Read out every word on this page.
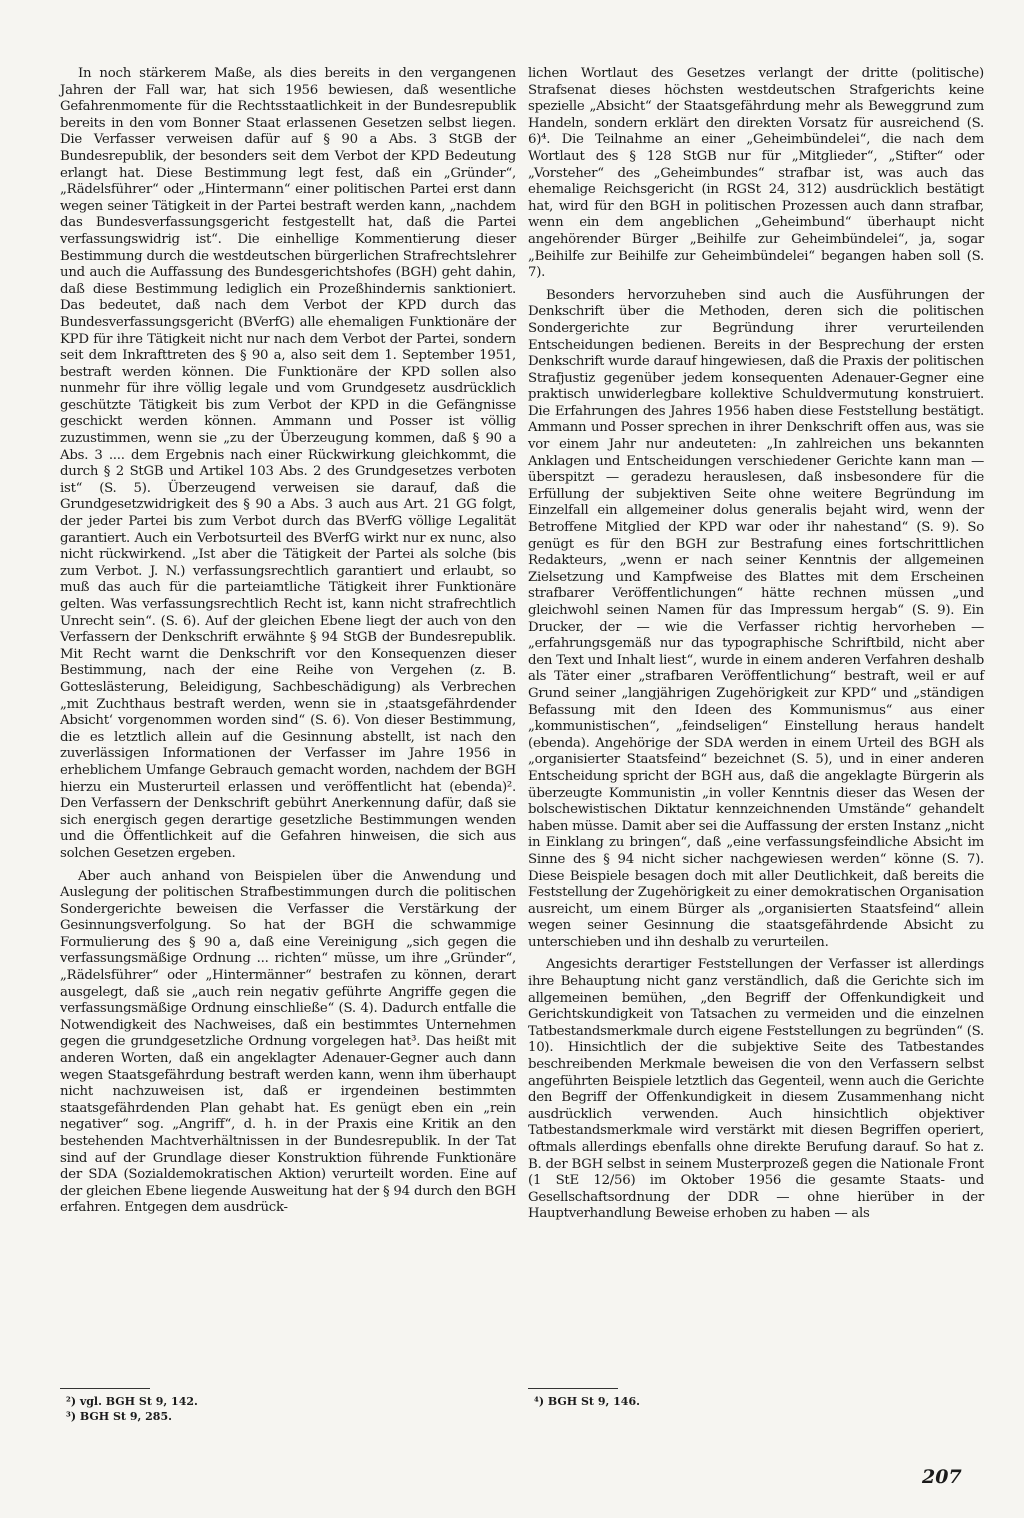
In noch stärkerem Maße, als dies bereits in den vergangenen Jahren der Fall war, hat sich 1956 bewiesen, daß wesentliche Gefahrenmomente für die Rechtsstaatlichkeit in der Bundesrepublik bereits in den vom Bonner Staat erlassenen Gesetzen selbst liegen. Die Verfasser verweisen dafür auf § 90 a Abs. 3 StGB der Bundesrepublik, der besonders seit dem Verbot der KPD Bedeutung erlangt hat. Diese Bestimmung legt fest, daß ein „Gründer“, „Rädelsführer“ oder „Hintermann“ einer politischen Partei erst dann wegen seiner Tätigkeit in der Partei bestraft werden kann, „nachdem das Bundesverfassungsgericht festgestellt hat, daß die Partei verfassungswidrig ist“. Die einhellige Kommentierung dieser Bestimmung durch die westdeutschen bürgerlichen Strafrechtslehrer und auch die Auffassung des Bundesgerichtshofes (BGH) geht dahin, daß diese Bestimmung lediglich ein Prozeßhindernis sanktioniert. Das bedeutet, daß nach dem Verbot der KPD durch das Bundesverfassungsgericht (BVerfG) alle ehemaligen Funktionäre der KPD für ihre Tätigkeit nicht nur nach dem Verbot der Partei, sondern seit dem Inkrafttreten des § 90 a, also seit dem 1. September 1951, bestraft werden können. Die Funktionäre der KPD sollen also nunmehr für ihre völlig legale und vom Grundgesetz ausdrücklich geschützte Tätigkeit bis zum Verbot der KPD in die Gefängnisse geschickt werden können. Ammann und Posser ist völlig zuzustimmen, wenn sie „zu der Überzeugung kommen, daß § 90 a Abs. 3 .... dem Ergebnis nach einer Rückwirkung gleichkommt, die durch § 2 StGB und Artikel 103 Abs. 2 des Grundgesetzes verboten ist“ (S. 5). Überzeugend verweisen sie darauf, daß die Grundgesetzwidrigkeit des § 90 a Abs. 3 auch aus Art. 21 GG folgt, der jeder Partei bis zum Verbot durch das BVerfG völlige Legalität garantiert. Auch ein Verbotsurteil des BVerfG wirkt nur ex nunc, also nicht rückwirkend. „Ist aber die Tätigkeit der Partei als solche (bis zum Verbot. J. N.) verfassungsrechtlich garantiert und erlaubt, so muß das auch für die parteiamtliche Tätigkeit ihrer Funktionäre gelten. Was verfassungsrechtlich Recht ist, kann nicht strafrechtlich Unrecht sein“. (S. 6). Auf der gleichen Ebene liegt der auch von den Verfassern der Denkschrift erwähnte § 94 StGB der Bundesrepublik. Mit Recht warnt die Denkschrift vor den Konsequenzen dieser Bestimmung, nach der eine Reihe von Vergehen (z. B. Gotteslästerung, Beleidigung, Sachbeschädigung) als Verbrechen „mit Zuchthaus bestraft werden, wenn sie in ‚staatsgefährdender Absicht‘ vorgenommen worden sind“ (S. 6). Von dieser Bestimmung, die es letztlich allein auf die Gesinnung abstellt, ist nach den zuverlässigen Informationen der Verfasser im Jahre 1956 in erheblichem Umfange Gebrauch gemacht worden, nachdem der BGH hierzu ein Musterurteil erlassen und veröffentlicht hat (ebenda)². Den Verfassern der Denkschrift gebührt Anerkennung dafür, daß sie sich energisch gegen derartige gesetzliche Bestimmungen wenden und die Öffentlichkeit auf die Gefahren hinweisen, die sich aus solchen Gesetzen ergeben.

Aber auch anhand von Beispielen über die Anwendung und Auslegung der politischen Strafbestimmungen durch die politischen Sondergerichte beweisen die Verfasser die Verstärkung der Gesinnungsverfolgung. So hat der BGH die schwammige Formulierung des § 90 a, daß eine Vereinigung „sich gegen die verfassungsmäßige Ordnung ... richten“ müsse, um ihre „Gründer“, „Rädelsführer“ oder „Hintermänner“ bestrafen zu können, derart ausgelegt, daß sie „auch rein negativ geführte Angriffe gegen die verfassungsmäßige Ordnung einschließe“ (S. 4). Dadurch entfalle die Notwendigkeit des Nachweises, daß ein bestimmtes Unternehmen gegen die grundgesetzliche Ordnung vorgelegen hat³. Das heißt mit anderen Worten, daß ein angeklagter Adenauer-Gegner auch dann wegen Staatsgefährdung bestraft werden kann, wenn ihm überhaupt nicht nachzuweisen ist, daß er irgendeinen bestimmten staatsgefährdenden Plan gehabt hat. Es genügt eben ein „rein negativer“ sog. „Angriff“, d. h. in der Praxis eine Kritik an den bestehenden Machtverhältnissen in der Bundesrepublik. In der Tat sind auf der Grundlage dieser Konstruktion führende Funktionäre der SDA (Sozialdemokratischen Aktion) verurteilt worden. Eine auf der gleichen Ebene liegende Ausweitung hat der § 94 durch den BGH erfahren. Entgegen dem ausdrück-

lichen Wortlaut des Gesetzes verlangt der dritte (politische) Strafsenat dieses höchsten westdeutschen Strafgerichts keine spezielle „Absicht“ der Staatsgefährdung mehr als Beweggrund zum Handeln, sondern erklärt den direkten Vorsatz für ausreichend (S. 6)⁴. Die Teilnahme an einer „Geheimbündelei“, die nach dem Wortlaut des § 128 StGB nur für „Mitglieder“, „Stifter“ oder „Vorsteher“ des „Geheimbundes“ strafbar ist, was auch das ehemalige Reichsgericht (in RGSt 24, 312) ausdrücklich bestätigt hat, wird für den BGH in politischen Prozessen auch dann strafbar, wenn ein dem angeblichen „Geheimbund“ überhaupt nicht angehörender Bürger „Beihilfe zur Geheimbündelei“, ja, sogar „Beihilfe zur Beihilfe zur Geheimbündelei“ begangen haben soll (S. 7).

Besonders hervorzuheben sind auch die Ausführungen der Denkschrift über die Methoden, deren sich die politischen Sondergerichte zur Begründung ihrer verurteilenden Entscheidungen bedienen. Bereits in der Besprechung der ersten Denkschrift wurde darauf hingewiesen, daß die Praxis der politischen Strafjustiz gegenüber jedem konsequenten Adenauer-Gegner eine praktisch unwiderlegbare kollektive Schuldvermutung konstruiert. Die Erfahrungen des Jahres 1956 haben diese Feststellung bestätigt. Ammann und Posser sprechen in ihrer Denkschrift offen aus, was sie vor einem Jahr nur andeuteten: „In zahlreichen uns bekannten Anklagen und Entscheidungen verschiedener Gerichte kann man — überspitzt — geradezu herauslesen, daß insbesondere für die Erfüllung der subjektiven Seite ohne weitere Begründung im Einzelfall ein allgemeiner dolus generalis bejaht wird, wenn der Betroffene Mitglied der KPD war oder ihr nahestand“ (S. 9). So genügt es für den BGH zur Bestrafung eines fortschrittlichen Redakteurs, „wenn er nach seiner Kenntnis der allgemeinen Zielsetzung und Kampfweise des Blattes mit dem Erscheinen strafbarer Veröffentlichungen“ hätte rechnen müssen „und gleichwohl seinen Namen für das Impressum hergab“ (S. 9). Ein Drucker, der — wie die Verfasser richtig hervorheben — „erfahrungsgemäß nur das typographische Schriftbild, nicht aber den Text und Inhalt liest“, wurde in einem anderen Verfahren deshalb als Täter einer „strafbaren Veröffentlichung“ bestraft, weil er auf Grund seiner „langjährigen Zugehörigkeit zur KPD“ und „ständigen Befassung mit den Ideen des Kommunismus“ aus einer „kommunistischen“, „feindseligen“ Einstellung heraus handelt (ebenda). Angehörige der SDA werden in einem Urteil des BGH als „organisierter Staatsfeind“ bezeichnet (S. 5), und in einer anderen Entscheidung spricht der BGH aus, daß die angeklagte Bürgerin als überzeugte Kommunistin „in voller Kenntnis dieser das Wesen der bolschewistischen Diktatur kennzeichnenden Umstände“ gehandelt haben müsse. Damit aber sei die Auffassung der ersten Instanz „nicht in Einklang zu bringen“, daß „eine verfassungsfeindliche Absicht im Sinne des § 94 nicht sicher nachgewiesen werden“ könne (S. 7). Diese Beispiele besagen doch mit aller Deutlichkeit, daß bereits die Feststellung der Zugehörigkeit zu einer demokratischen Organisation ausreicht, um einem Bürger als „organisierten Staatsfeind“ allein wegen seiner Gesinnung die staatsgefährdende Absicht zu unterschieben und ihn deshalb zu verurteilen.

Angesichts derartiger Feststellungen der Verfasser ist allerdings ihre Behauptung nicht ganz verständlich, daß die Gerichte sich im allgemeinen bemühen, „den Begriff der Offenkundigkeit und Gerichtskundigkeit von Tatsachen zu vermeiden und die einzelnen Tatbestandsmerkmale durch eigene Feststellungen zu begründen“ (S. 10). Hinsichtlich der die subjektive Seite des Tatbestandes beschreibenden Merkmale beweisen die von den Verfassern selbst angeführten Beispiele letztlich das Gegenteil, wenn auch die Gerichte den Begriff der Offenkundigkeit in diesem Zusammenhang nicht ausdrücklich verwenden. Auch hinsichtlich objektiver Tatbestandsmerkmale wird verstärkt mit diesen Begriffen operiert, oftmals allerdings ebenfalls ohne direkte Berufung darauf. So hat z. B. der BGH selbst in seinem Musterprozeß gegen die Nationale Front (1 StE 12/56) im Oktober 1956 die gesamte Staats- und Gesellschaftsordnung der DDR — ohne hierüber in der Hauptverhandlung Beweise erhoben zu haben — als

²) vgl. BGH St 9, 142.
³) BGH St 9, 285.
⁴) BGH St 9, 146.
207
